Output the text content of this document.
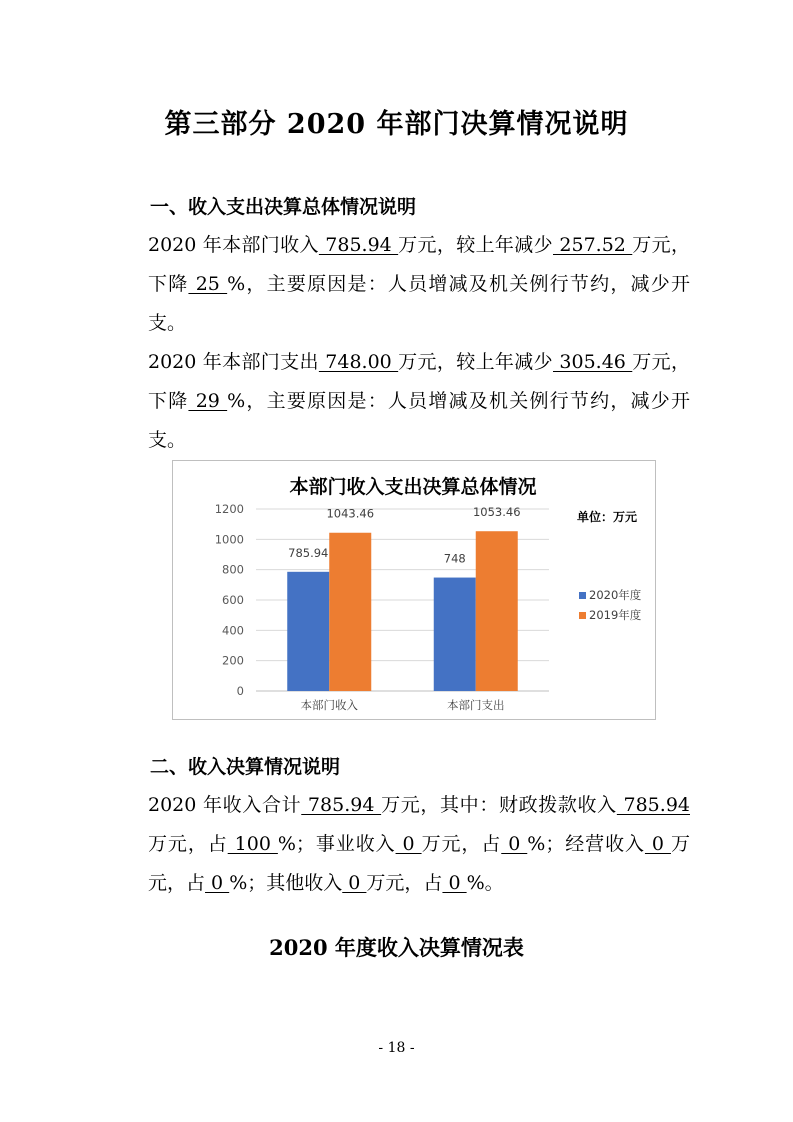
第三部分 2020 年部门决算情况说明
一、收入支出决算总体情况说明

2020 年本部门收入 785.94 万元，较上年减少 257.52 万元，下降 25 %，主要原因是：人员增减及机关例行节约，减少开支。

2020 年本部门支出 748.00 万元，较上年减少 305.46 万元，下降 29 %，主要原因是：人员增减及机关例行节约，减少开支。

本部门收入支出决算总体情况
0
200
400
600
800
1000
1200
785.94
1043.46
本部门收入
748
1053.46
本部门支出
单位：万元
2020年度
2019年度
二、收入决算情况说明

2020 年收入合计 785.94 万元，其中：财政拨款收入 785.94 万元，占 100 %；事业收入 0 万元，占 0 %；经营收入 0 万元，占 0 %；其他收入 0 万元，占 0 %。

2020 年度收入决算情况表
- 18 -
